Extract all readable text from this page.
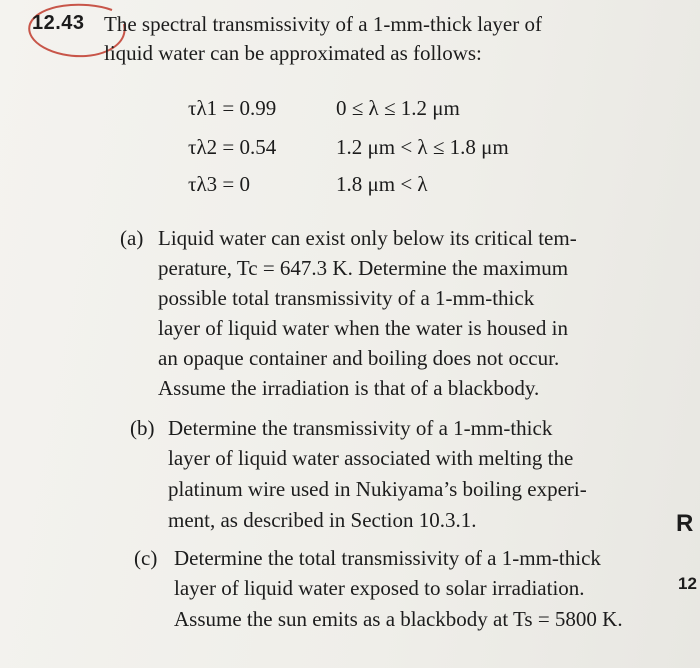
12.43 The spectral transmissivity of a 1-mm-thick layer of
liquid water can be approximated as follows:
τλ1 = 0.99	0 ≤ λ ≤ 1.2 μm
τλ2 = 0.54	1.2 μm < λ ≤ 1.8 μm
τλ3 = 0	1.8 μm < λ
(a) Liquid water can exist only below its critical tem-
perature, Tc = 647.3 K. Determine the maximum
possible total transmissivity of a 1-mm-thick
layer of liquid water when the water is housed in
an opaque container and boiling does not occur.
Assume the irradiation is that of a blackbody.
(b) Determine the transmissivity of a 1-mm-thick
layer of liquid water associated with melting the
platinum wire used in Nukiyama’s boiling experi-
ment, as described in Section 10.3.1.
(c) Determine the total transmissivity of a 1-mm-thick
layer of liquid water exposed to solar irradiation.
Assume the sun emits as a blackbody at Ts = 5800 K.
R
12
